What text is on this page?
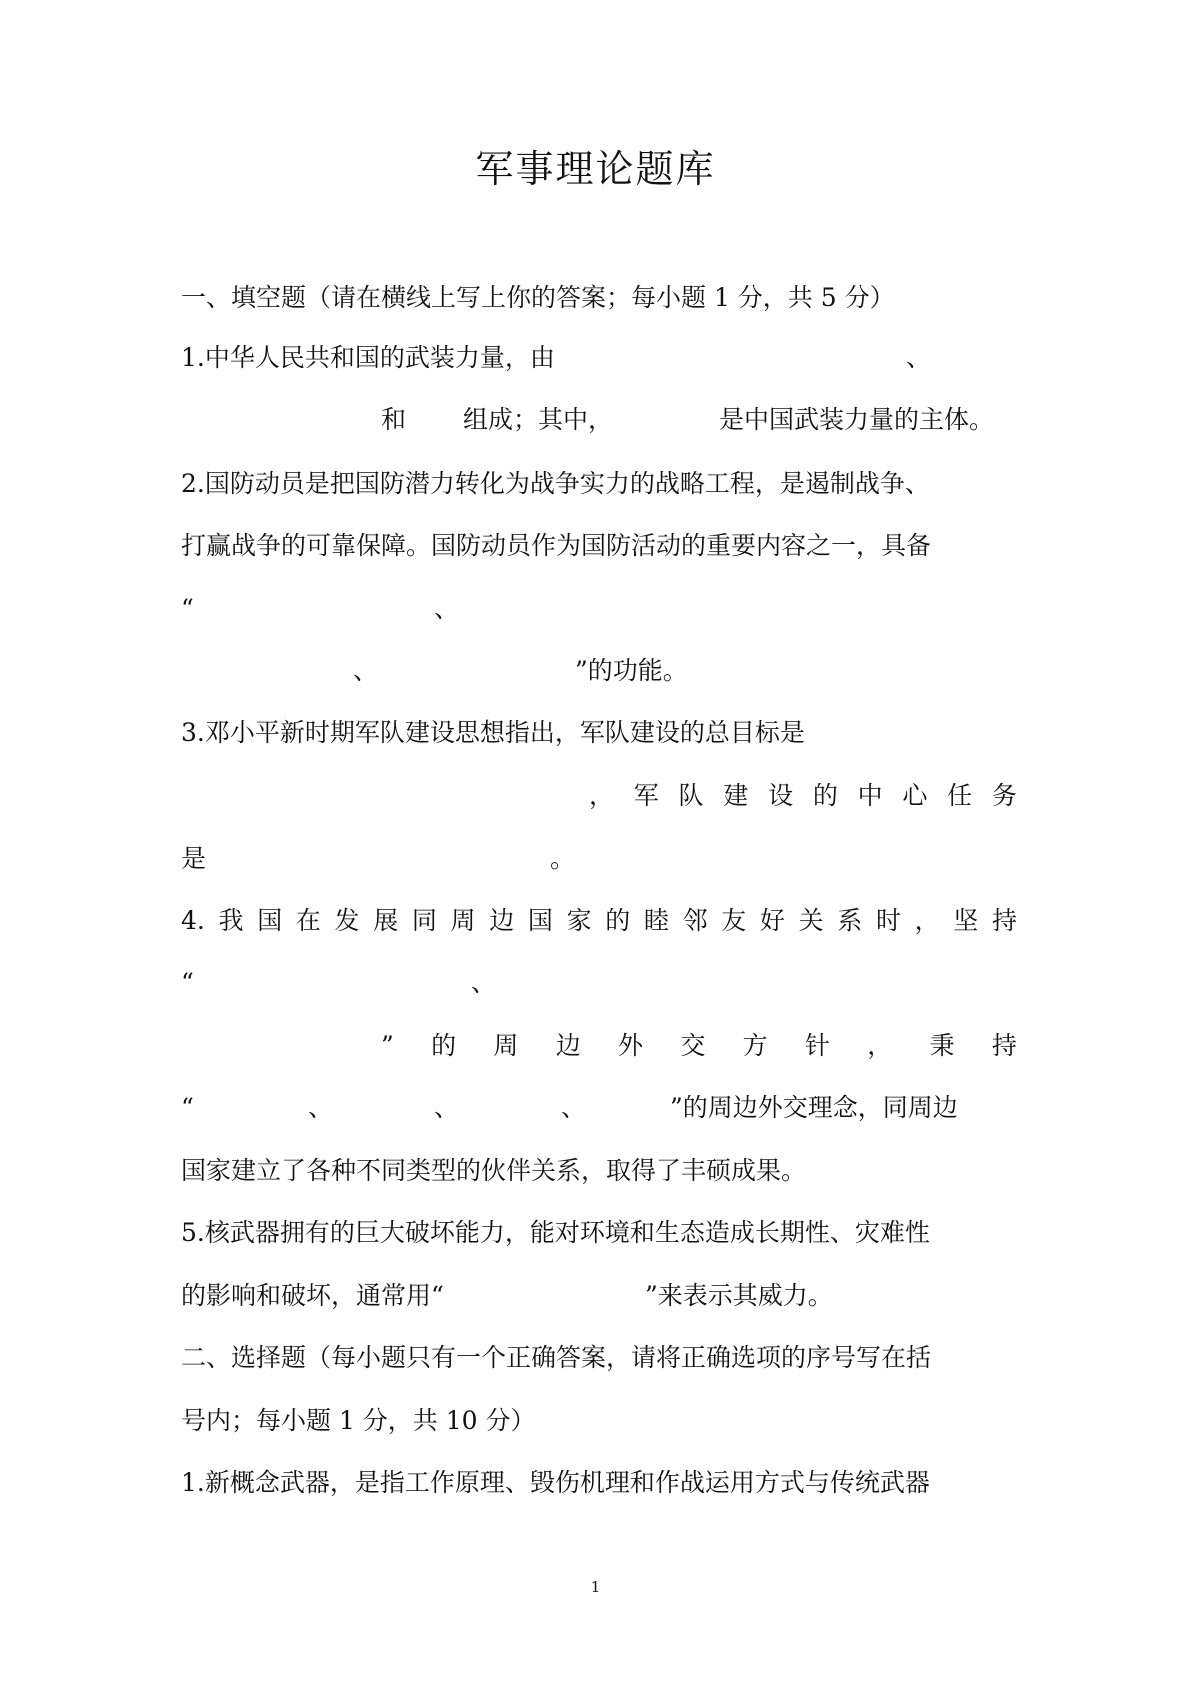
军事理论题库
一、填空题（请在横线上写上你的答案；每小题 1 分，共 5 分）
1.中华人民共和国的武装力量，由	、
和 组成；其中，	是中国武装力量的主体。
2.国防动员是把国防潜力转化为战争实力的战略工程，是遏制战争、
打赢战争的可靠保障。国防动员作为国防活动的重要内容之一，具备
“	、
、	”的功能。
3.邓小平新时期军队建设思想指出，军队建设的总目标是
， 军 队 建 设 的 中 心 任 务
是	。
4. 我 国 在 发 展 同 周 边 国 家 的 睦 邻 友 好 关 系 时 ， 坚 持
“	、
” 的 周 边 外 交 方 针 ， 秉 持
“	、	、	、	”的周边外交理念，同周边
国家建立了各种不同类型的伙伴关系，取得了丰硕成果。
5.核武器拥有的巨大破坏能力，能对环境和生态造成长期性、灾难性
的影响和破坏，通常用“	”来表示其威力。
二、选择题（每小题只有一个正确答案，请将正确选项的序号写在括
号内；每小题 1 分，共 10 分）
1.新概念武器，是指工作原理、毁伤机理和作战运用方式与传统武器
1
